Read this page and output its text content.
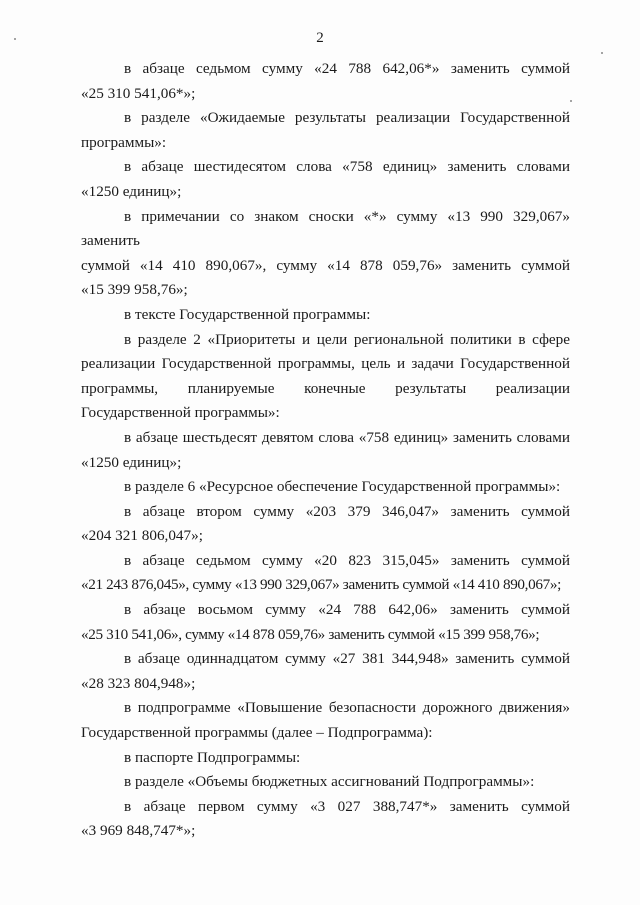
2
в абзаце седьмом сумму «24 788 642,06*» заменить суммой
«25 310 541,06*»;
в разделе «Ожидаемые результаты реализации Государственной
программы»:
в абзаце шестидесятом слова «758 единиц» заменить словами
«1250 единиц»;
в примечании со знаком сноски «*» сумму «13 990 329,067» заменить
суммой «14 410 890,067», сумму «14 878 059,76» заменить суммой
«15 399 958,76»;
в тексте Государственной программы:
в разделе 2 «Приоритеты и цели региональной политики в сфере
реализации Государственной программы, цель и задачи Государственной
программы, планируемые конечные результаты реализации
Государственной программы»:
в абзаце шестьдесят девятом слова «758 единиц» заменить словами
«1250 единиц»;
в разделе 6 «Ресурсное обеспечение Государственной программы»:
в абзаце втором сумму «203 379 346,047» заменить суммой
«204 321 806,047»;
в абзаце седьмом сумму «20 823 315,045» заменить суммой
«21 243 876,045», сумму «13 990 329,067» заменить суммой «14 410 890,067»;
в абзаце восьмом сумму «24 788 642,06» заменить суммой
«25 310 541,06», сумму «14 878 059,76» заменить суммой «15 399 958,76»;
в абзаце одиннадцатом сумму «27 381 344,948» заменить суммой
«28 323 804,948»;
в подпрограмме «Повышение безопасности дорожного движения»
Государственной программы (далее – Подпрограмма):
в паспорте Подпрограммы:
в разделе «Объемы бюджетных ассигнований Подпрограммы»:
в абзаце первом сумму «3 027 388,747*» заменить суммой
«3 969 848,747*»;
